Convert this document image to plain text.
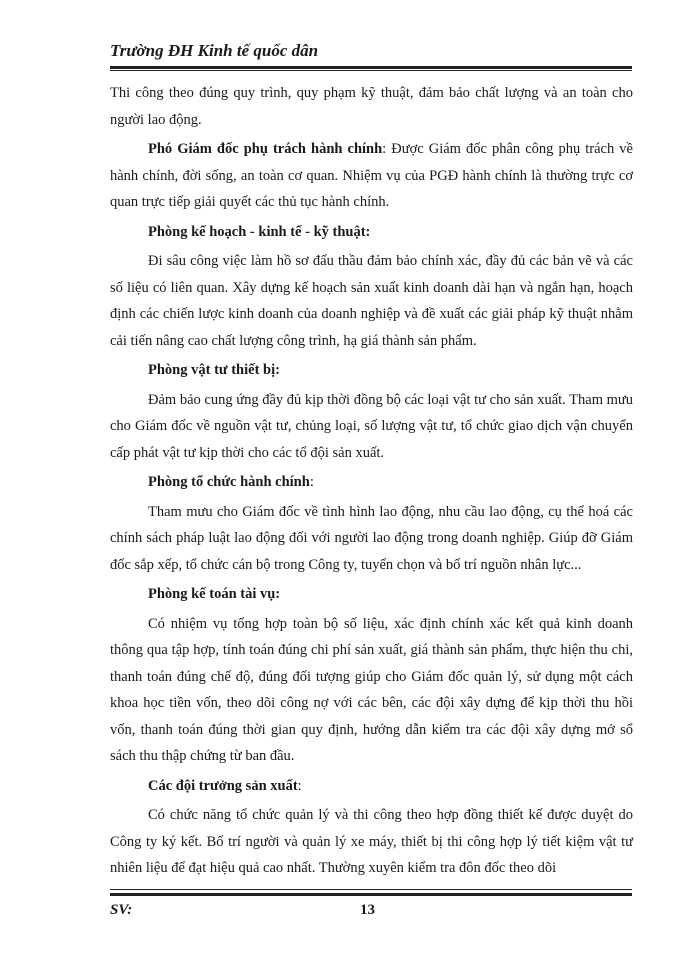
Trường ĐH Kinh tế quốc dân

Thi công theo đúng quy trình, quy phạm kỹ thuật, đảm bảo chất lượng và an toàn cho người lao động.

Phó Giám đốc phụ trách hành chính: Được Giám đốc phân công phụ trách về hành chính, đời sống, an toàn cơ quan. Nhiệm vụ của PGĐ hành chính là thường trực cơ quan trực tiếp giải quyết các thủ tục hành chính.

Phòng kế hoạch - kinh tế - kỹ thuật:

Đi sâu công việc làm hồ sơ đấu thầu đảm bảo chính xác, đầy đủ các bản vẽ và các số liệu có liên quan. Xây dựng kế hoạch sản xuất kinh doanh dài hạn và ngắn hạn, hoạch định các chiến lược kinh doanh của doanh nghiệp và đề xuất các giải pháp kỹ thuật nhằm cải tiến nâng cao chất lượng công trình, hạ giá thành sản phẩm.

Phòng vật tư thiết bị:

Đảm bảo cung ứng đầy đủ kịp thời đồng bộ các loại vật tư cho sản xuất. Tham mưu cho Giám đốc về nguồn vật tư, chủng loại, số lượng vật tư, tổ chức giao dịch vận chuyển cấp phát vật tư kịp thời cho các tổ đội sản xuất.

Phòng tổ chức hành chính:

Tham mưu cho Giám đốc về tình hình lao động, nhu cầu lao động, cụ thể hoá các chính sách pháp luật lao động đối với người lao động trong doanh nghiệp. Giúp đỡ Giám đốc sắp xếp, tổ chức cán bộ trong Công ty, tuyển chọn và bố trí nguồn nhân lực...

Phòng kế toán tài vụ:

Có nhiệm vụ tổng hợp toàn bộ số liệu, xác định chính xác kết quả kinh doanh thông qua tập hợp, tính toán đúng chi phí sản xuất, giá thành sản phẩm, thực hiện thu chi, thanh toán đúng chế độ, đúng đối tượng giúp cho Giám đốc quản lý, sử dụng một cách khoa học tiền vốn, theo dõi công nợ với các bên, các đội xây dựng để kịp thời thu hồi vốn, thanh toán đúng thời gian quy định, hướng dẫn kiểm tra các đội xây dựng mở sổ sách thu thập chứng từ ban đầu.

Các đội trưởng sản xuất:

Có chức năng tổ chức quản lý và thi công theo hợp đồng thiết kế được duyệt do Công ty ký kết. Bố trí người và quản lý xe máy, thiết bị thi công hợp lý tiết kiệm vật tư nhiên liệu để đạt hiệu quả cao nhất. Thường xuyên kiểm tra đôn đốc theo dõi

SV:	13
